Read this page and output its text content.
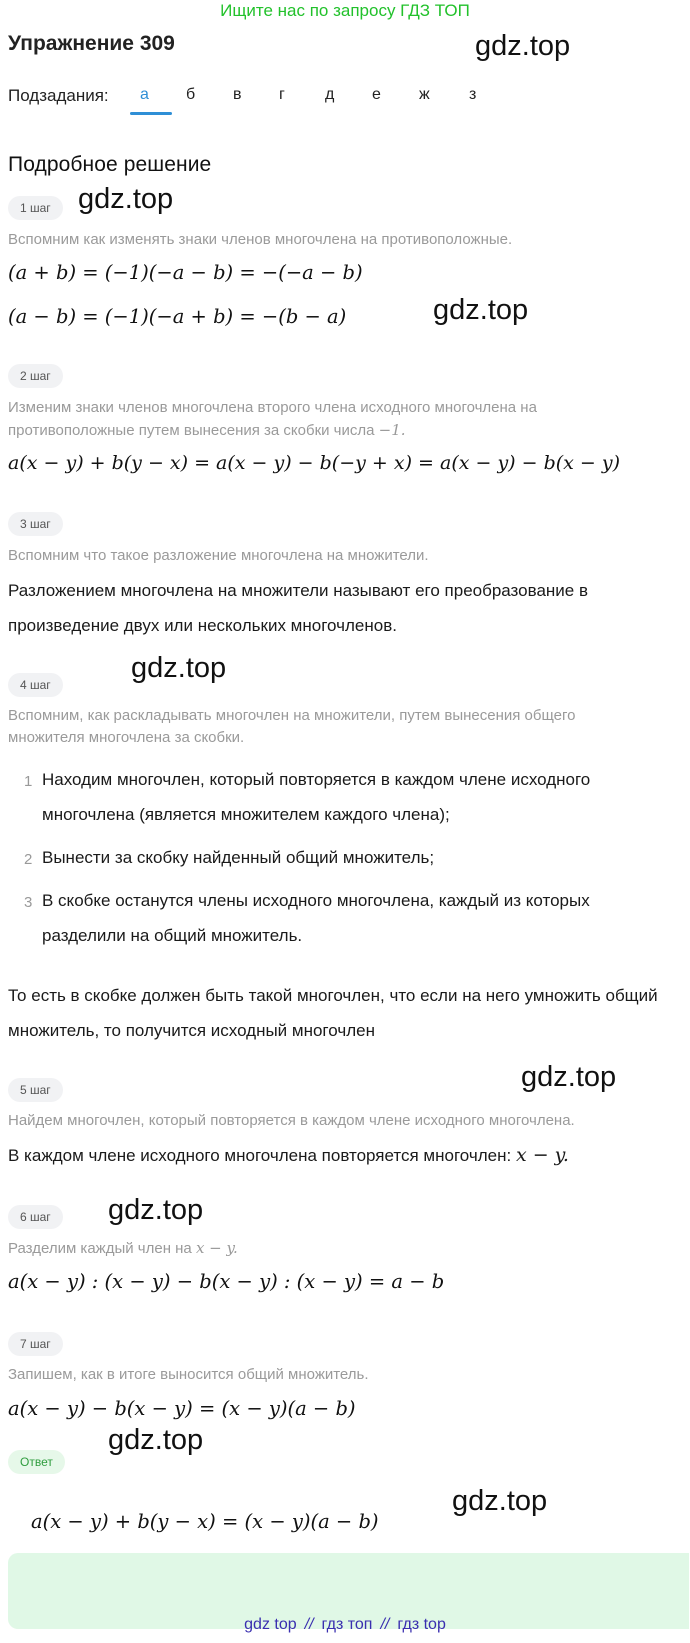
Ищите нас по запросу ГДЗ ТОП
Упражнение 309	gdz.top
Подзадания: а б в г	д е ж з
Подробное решение
1 шаг gdz.top
Вспомним как изменять знаки членов многочлена на противоположные.
(a + b) = (−1)(−a − b) = −(−a − b)
(a − b) = (−1)(−a + b) = −(b − a)	gdz.top
2 шаг
Изменим знаки членов многочлена второго члена исходного многочлена на противоположные путем вынесения за скобки числа −1.
a(x − y) + b(y − x) = a(x − y) − b(−y + x) = a(x − y) − b(x − y)
3 шаг
Вспомним что такое разложение многочлена на множители.
Разложением многочлена на множители называют его преобразование в произведение двух или нескольких многочленов.
gdz.top
4 шаг
Вспомним, как раскладывать многочлен на множители, путем вынесения общего множителя многочлена за скобки.
1 Находим многочлен, который повторяется в каждом члене исходного многочлена (является множителем каждого члена);
2 Вынести за скобку найденный общий множитель;
3 В скобке останутся члены исходного многочлена, каждый из которых разделили на общий множитель.
То есть в скобке должен быть такой многочлен, что если на него умножить общий множитель, то получится исходный многочлен
5 шаг	gdz.top
Найдем многочлен, который повторяется в каждом члене исходного многочлена.
В каждом члене исходного многочлена повторяется многочлен: x − y.
6 шаг	gdz.top
Разделим каждый член на x − y.
a(x − y) : (x − y) − b(x − y) : (x − y) = a − b
7 шаг
Запишем, как в итоге выносится общий множитель.
a(x − y) − b(x − y) = (x − y)(a − b)
gdz.top
Ответ
a(x − y) + b(y − x) = (x − y)(a − b)
gdz.top
gdz top // гдз топ // гдз top
